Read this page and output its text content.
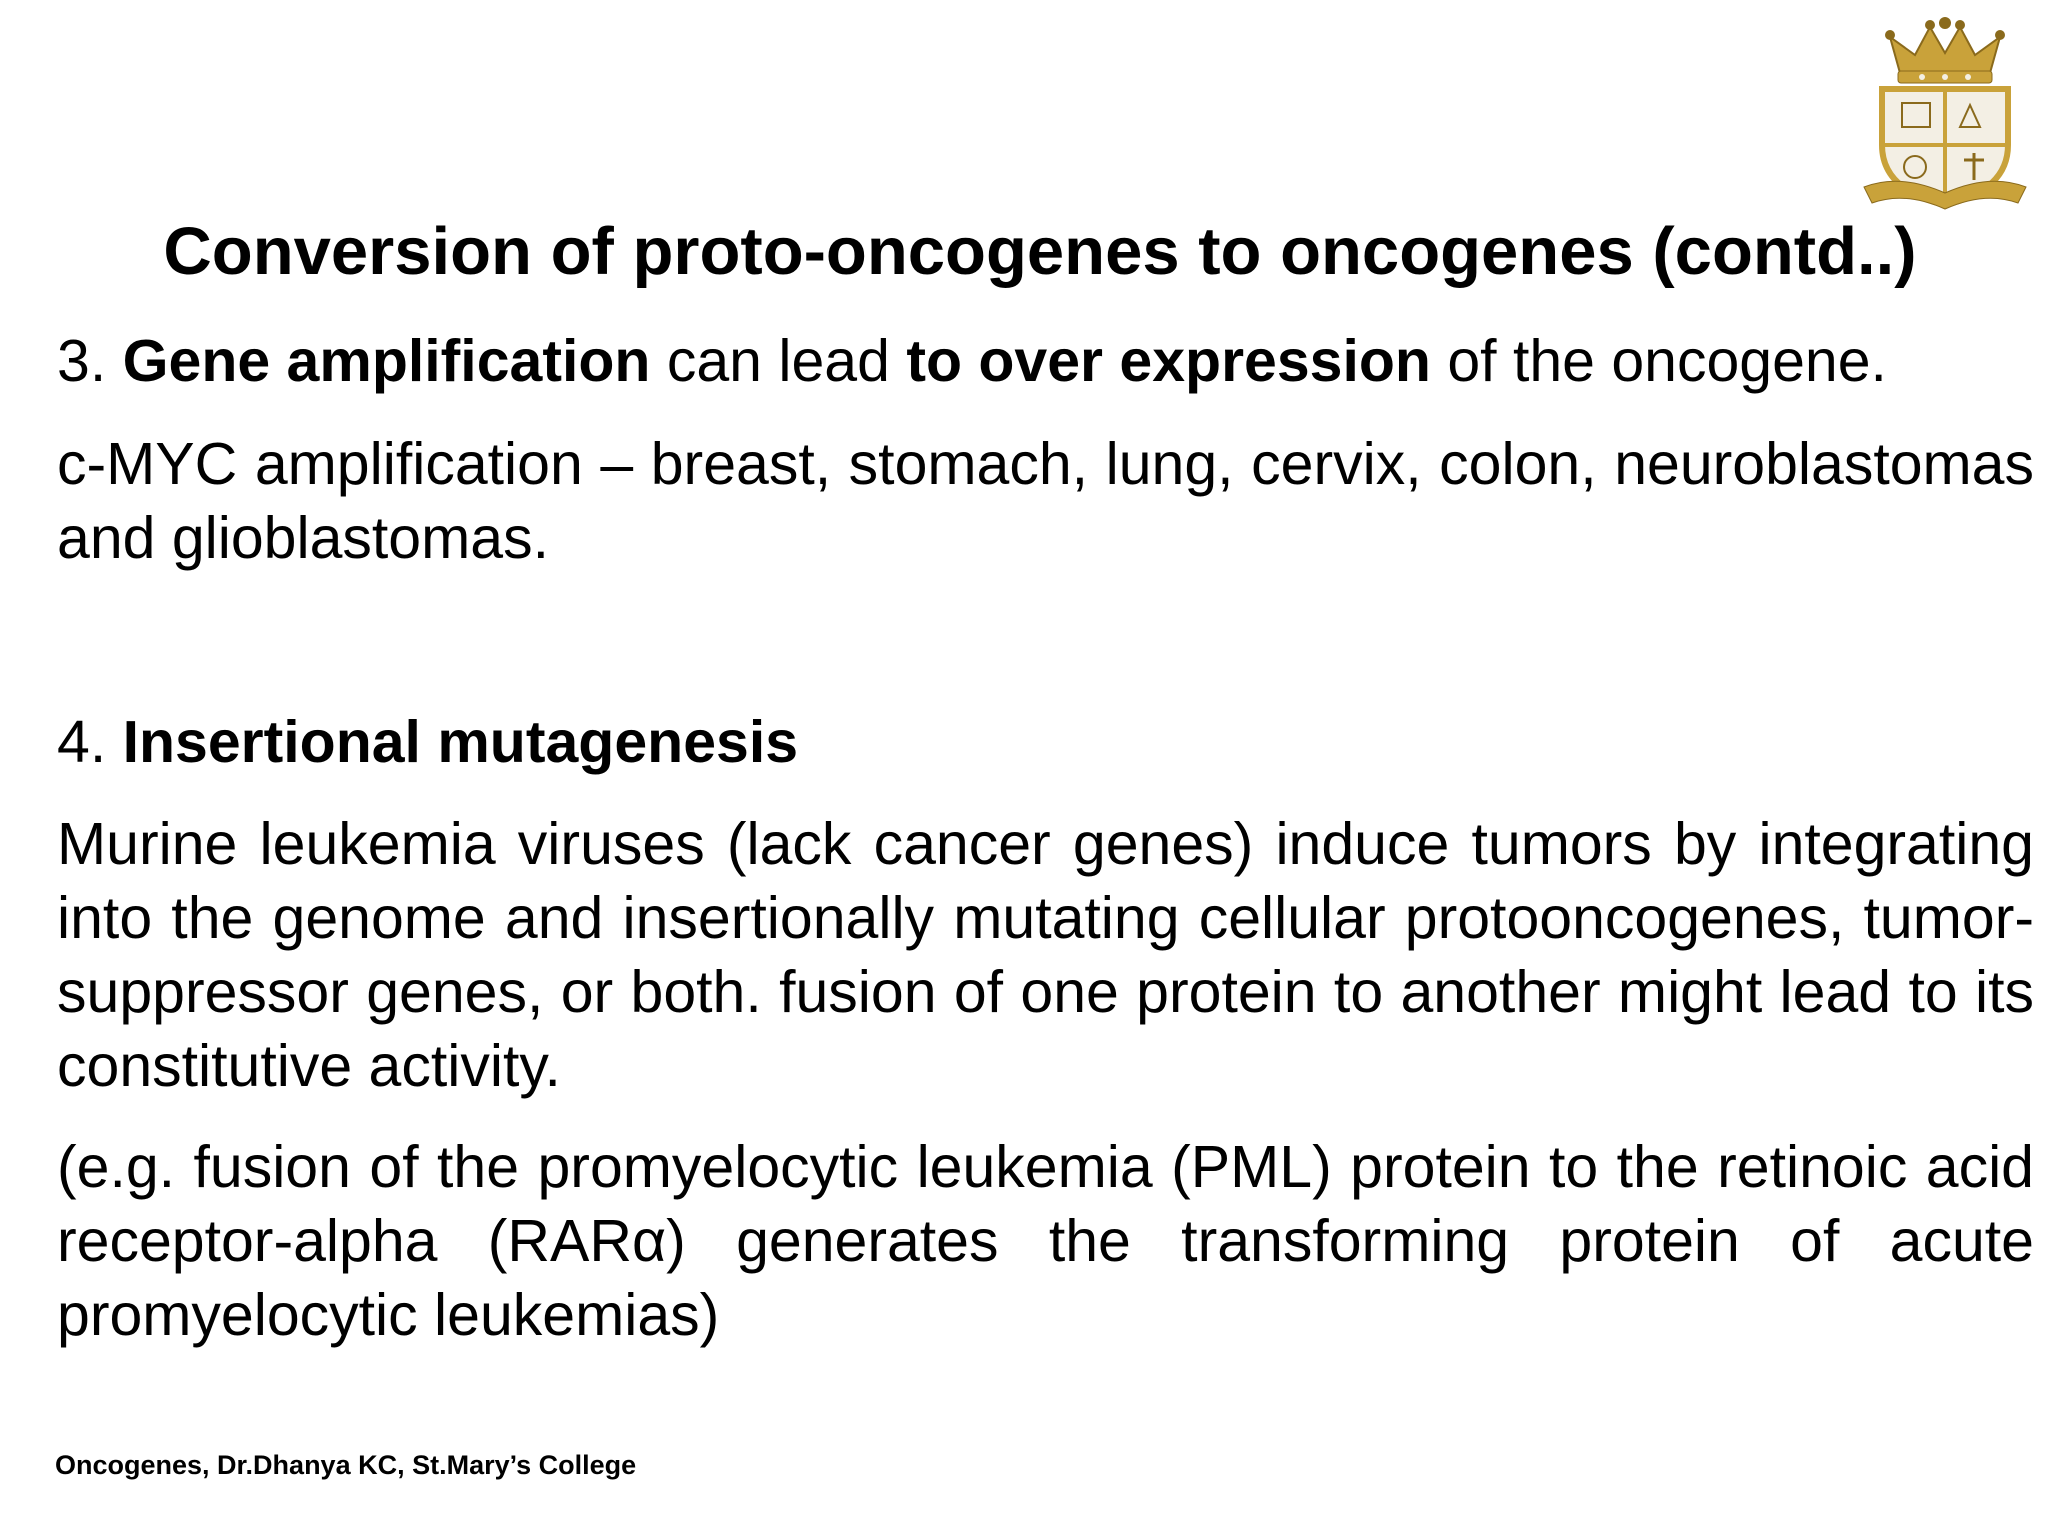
Conversion of proto-oncogenes to oncogenes (contd..)

3. Gene amplification can lead to over expression of the oncogene.

c-MYC amplification – breast, stomach, lung, cervix, colon, neuroblastomas and glioblastomas.

4. Insertional mutagenesis

Murine leukemia viruses (lack cancer genes) induce tumors by integrating into the genome and insertionally mutating cellular protooncogenes, tumor-suppressor genes, or both. fusion of one protein to another might lead to its constitutive activity.

(e.g. fusion of the promyelocytic leukemia (PML) protein to the retinoic acid receptor-alpha (RARα) generates the transforming protein of acute promyelocytic leukemias)

Oncogenes, Dr.Dhanya KC, St.Mary’s College
